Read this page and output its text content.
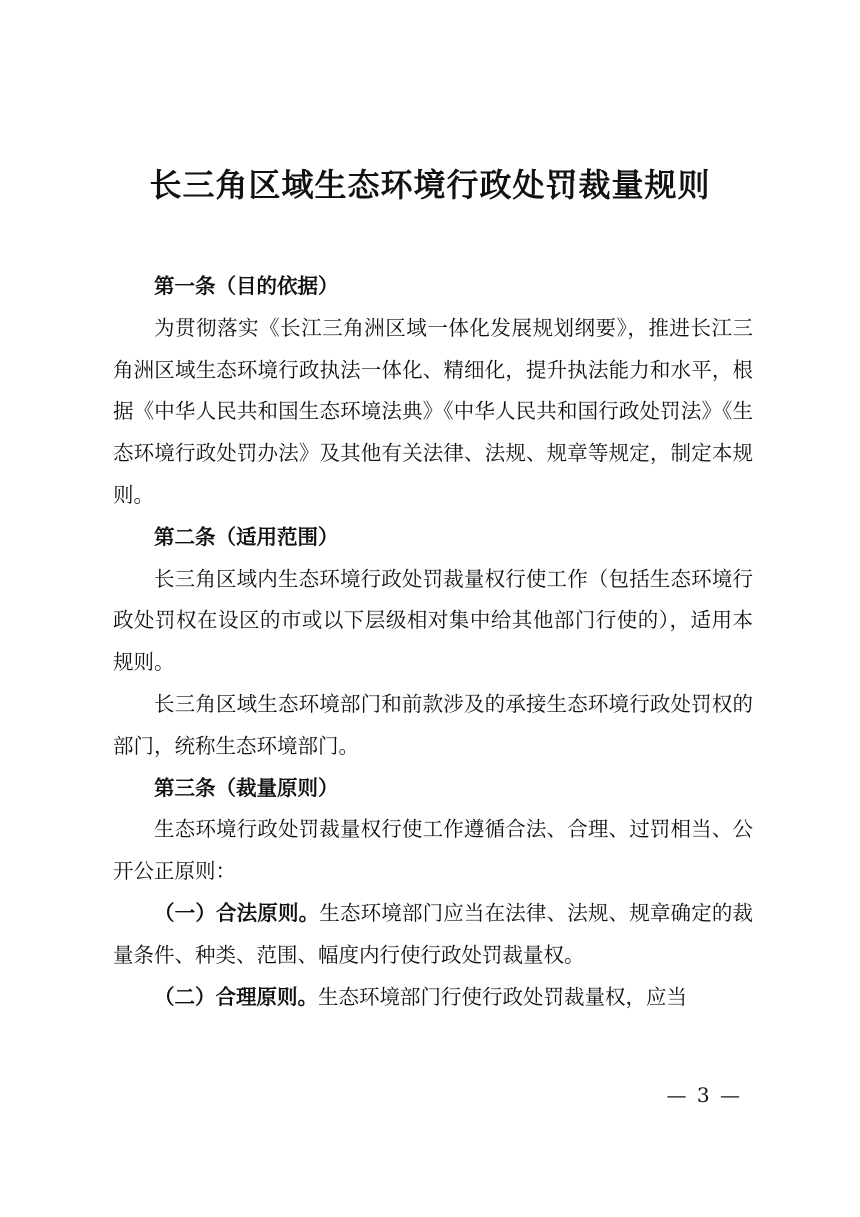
长三角区域生态环境行政处罚裁量规则

第一条（目的依据）

为贯彻落实《长江三角洲区域一体化发展规划纲要》，推进长江三角洲区域生态环境行政执法一体化、精细化，提升执法能力和水平，根据《中华人民共和国生态环境法典》《中华人民共和国行政处罚法》《生态环境行政处罚办法》及其他有关法律、法规、规章等规定，制定本规则。

第二条（适用范围）

长三角区域内生态环境行政处罚裁量权行使工作（包括生态环境行政处罚权在设区的市或以下层级相对集中给其他部门行使的），适用本规则。

长三角区域生态环境部门和前款涉及的承接生态环境行政处罚权的部门，统称生态环境部门。

第三条（裁量原则）

生态环境行政处罚裁量权行使工作遵循合法、合理、过罚相当、公开公正原则：

（一）合法原则。生态环境部门应当在法律、法规、规章确定的裁量条件、种类、范围、幅度内行使行政处罚裁量权。

（二）合理原则。生态环境部门行使行政处罚裁量权，应当

— 3 —
